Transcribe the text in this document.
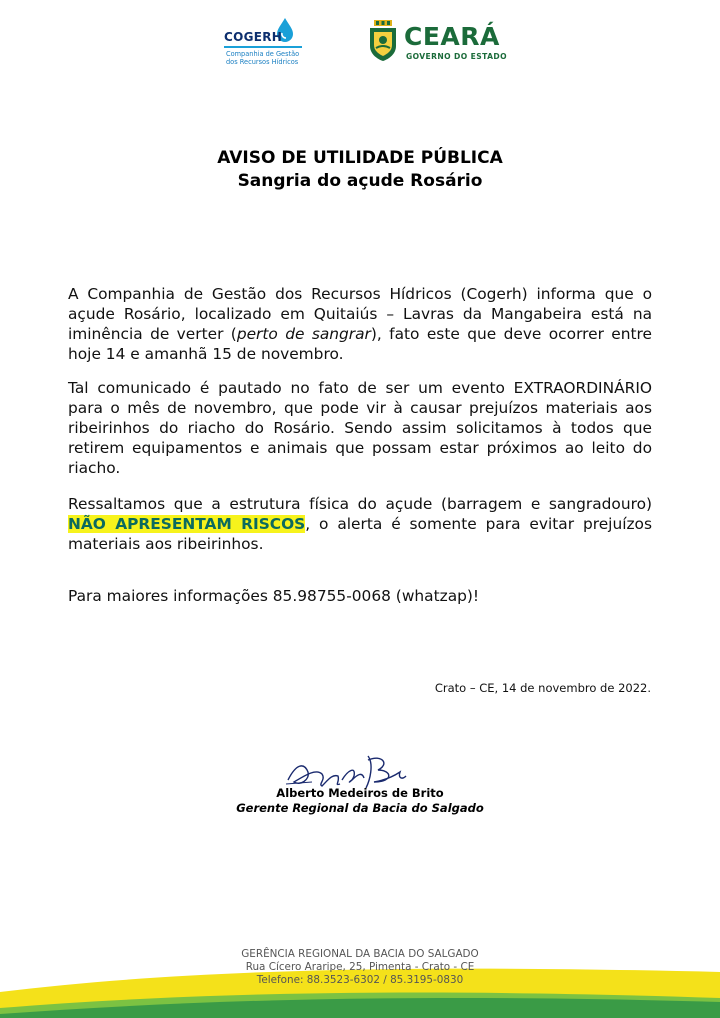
COGERH
Companhia de Gestão
dos Recursos Hídricos
CEARÁ
GOVERNO DO ESTADO
AVISO DE UTILIDADE PÚBLICA
Sangria do açude Rosário
A Companhia de Gestão dos Recursos Hídricos (Cogerh) informa que o açude Rosário, localizado em Quitaiús – Lavras da Mangabeira está na iminência de verter (perto de sangrar), fato este que deve ocorrer entre hoje 14 e amanhã 15 de novembro.
Tal comunicado é pautado no fato de ser um evento EXTRAORDINÁRIO para o mês de novembro, que pode vir à causar prejuízos materiais aos ribeirinhos do riacho do Rosário. Sendo assim solicitamos à todos que retirem equipamentos e animais que possam estar próximos ao leito do riacho.
Ressaltamos que a estrutura física do açude (barragem e sangradouro) NÃO APRESENTAM RISCOS, o alerta é somente para evitar prejuízos materiais aos ribeirinhos.
Para maiores informações 85.98755-0068 (whatzap)!
Crato – CE, 14 de novembro de 2022.
Alberto Medeiros de Brito
Gerente Regional da Bacia do Salgado
GERÊNCIA REGIONAL DA BACIA DO SALGADO
Rua Cícero Araripe, 25, Pimenta - Crato - CE
Telefone: 88.3523-6302 / 85.3195-0830
